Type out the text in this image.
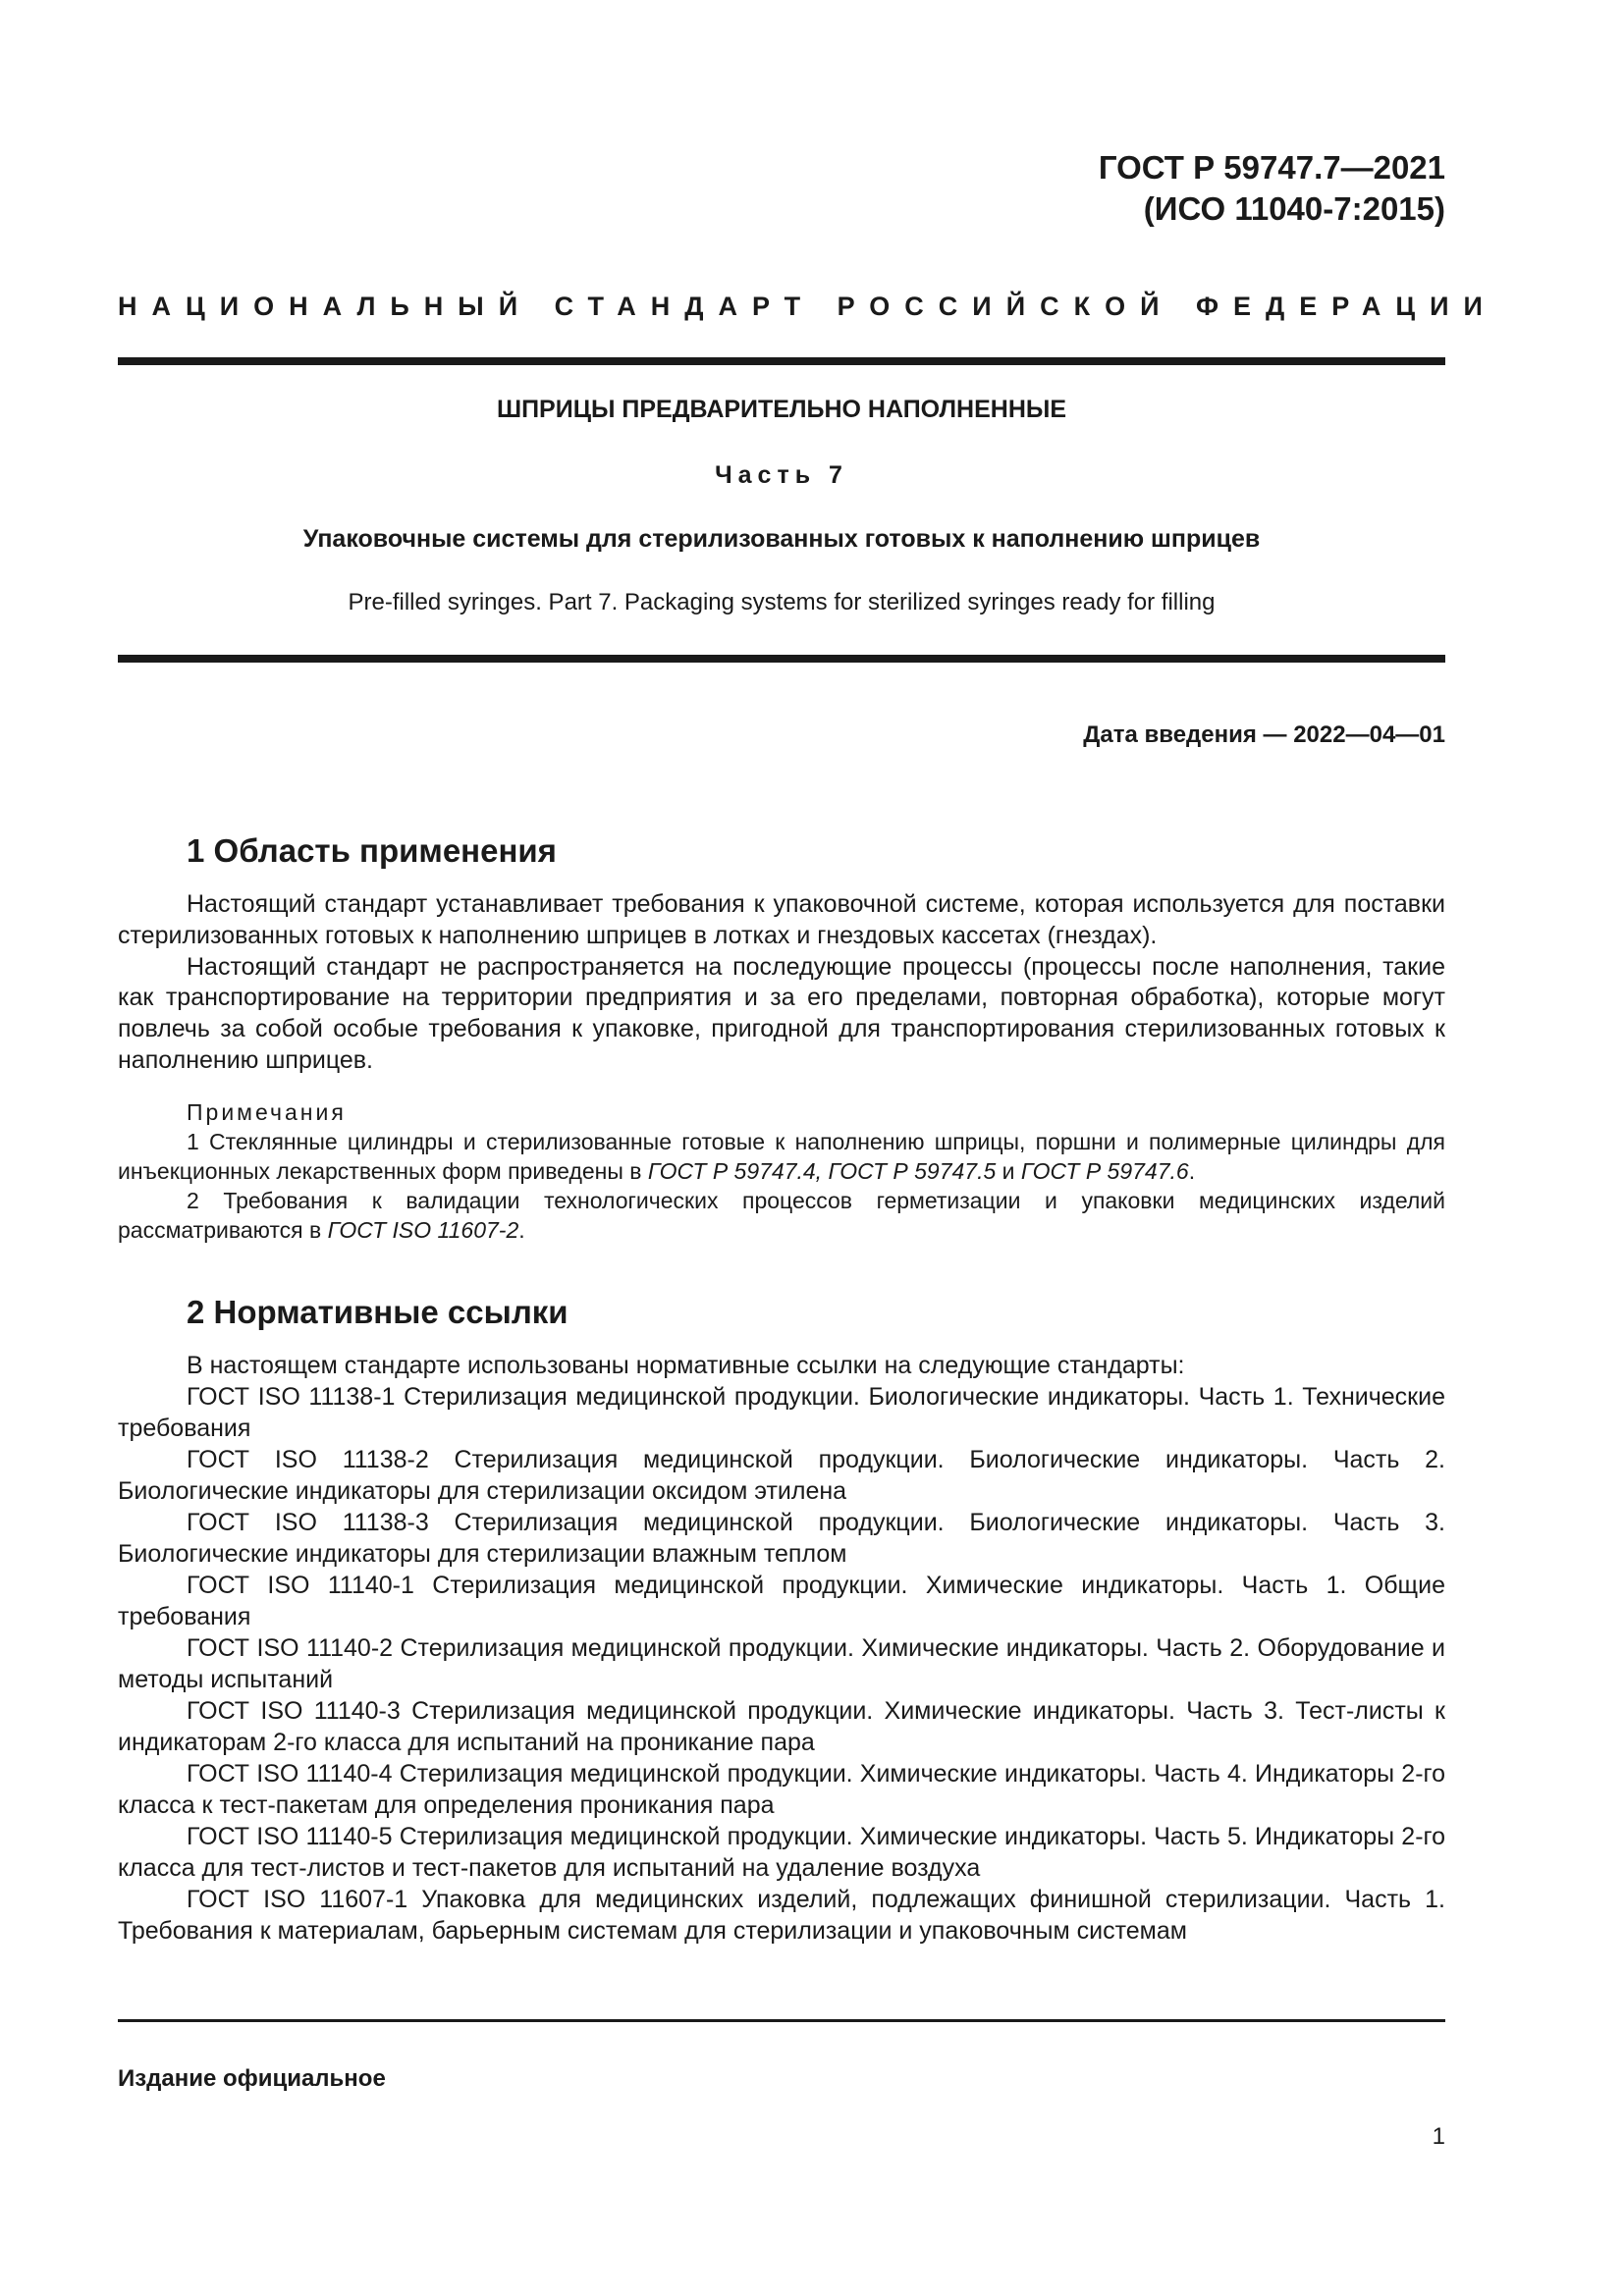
ГОСТ Р 59747.7—2021
(ИСО 11040-7:2015)
НАЦИОНАЛЬНЫЙ СТАНДАРТ РОССИЙСКОЙ ФЕДЕРАЦИИ
ШПРИЦЫ ПРЕДВАРИТЕЛЬНО НАПОЛНЕННЫЕ
Часть 7
Упаковочные системы для стерилизованных готовых к наполнению шприцев
Pre-filled syringes. Part 7. Packaging systems for sterilized syringes ready for filling
Дата введения — 2022—04—01
1 Область применения

Настоящий стандарт устанавливает требования к упаковочной системе, которая используется для поставки стерилизованных готовых к наполнению шприцев в лотках и гнездовых кассетах (гнездах).

Настоящий стандарт не распространяется на последующие процессы (процессы после наполнения, такие как транспортирование на территории предприятия и за его пределами, повторная обработка), которые могут повлечь за собой особые требования к упаковке, пригодной для транспортирования стерилизованных готовых к наполнению шприцев.

Примечания

1 Стеклянные цилиндры и стерилизованные готовые к наполнению шприцы, поршни и полимерные цилиндры для инъекционных лекарственных форм приведены в ГОСТ Р 59747.4, ГОСТ Р 59747.5 и ГОСТ Р 59747.6.

2 Требования к валидации технологических процессов герметизации и упаковки медицинских изделий рассматриваются в ГОСТ ISO 11607-2.

2 Нормативные ссылки

В настоящем стандарте использованы нормативные ссылки на следующие стандарты:

ГОСТ ISO 11138-1 Стерилизация медицинской продукции. Биологические индикаторы. Часть 1. Технические требования

ГОСТ ISO 11138-2 Стерилизация медицинской продукции. Биологические индикаторы. Часть 2. Биологические индикаторы для стерилизации оксидом этилена

ГОСТ ISO 11138-3 Стерилизация медицинской продукции. Биологические индикаторы. Часть 3. Биологические индикаторы для стерилизации влажным теплом

ГОСТ ISO 11140-1 Стерилизация медицинской продукции. Химические индикаторы. Часть 1. Общие требования

ГОСТ ISO 11140-2 Стерилизация медицинской продукции. Химические индикаторы. Часть 2. Оборудование и методы испытаний

ГОСТ ISO 11140-3 Стерилизация медицинской продукции. Химические индикаторы. Часть 3. Тест-листы к индикаторам 2-го класса для испытаний на проникание пара

ГОСТ ISO 11140-4 Стерилизация медицинской продукции. Химические индикаторы. Часть 4. Индикаторы 2-го класса к тест-пакетам для определения проникания пара

ГОСТ ISO 11140-5 Стерилизация медицинской продукции. Химические индикаторы. Часть 5. Индикаторы 2-го класса для тест-листов и тест-пакетов для испытаний на удаление воздуха

ГОСТ ISO 11607-1 Упаковка для медицинских изделий, подлежащих финишной стерилизации. Часть 1. Требования к материалам, барьерным системам для стерилизации и упаковочным системам

Издание официальное
1
